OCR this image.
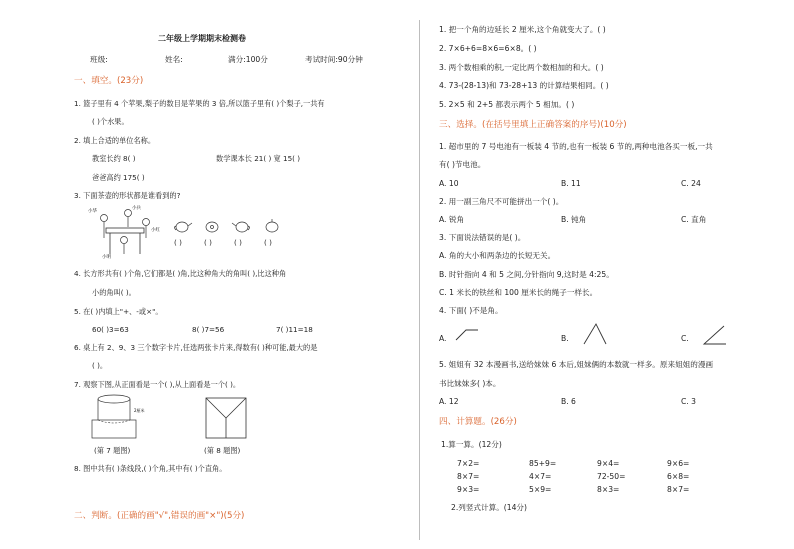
二年级上学期期末检测卷
班级:	姓名:	满分:100分	考试时间:90分钟
一、填空。(23分)
1. 篮子里有 4 个苹果,梨子的数目是苹果的 3 倍,所以篮子里有( )个梨子,一共有
( )个水果。
2. 填上合适的单位名称。
教室长约 8( )	数学课本长 21( ) 宽 15( )
爸爸高约 175( )
3. 下面茶壶的形状都是谁看到的?
小华
小兵
小红
小明
( )	( )	( )	( )
4. 长方形共有( )个角,它们都是( )角,比这种角大的角叫( ),比这种角
小的角叫( )。
5. 在( )内填上"+、-或×"。
60( )3=63	8( )7=56	7( )11=18
6. 桌上有 2、9、3 三个数字卡片,任选两张卡片来,得数有( )种可能,最大的是
( )。
7. 观察下图,从正面看是一个( ),从上面看是一个( )。
2厘米
(第 7 题图)	(第 8 题图)
8. 图中共有( )条线段,( )个角,其中有( )个直角。
二、判断。(正确的画"√",错误的画"×")(5分)
1. 把一个角的边延长 2 厘米,这个角就变大了。( )
2. 7×6+6=8×6=6×8。( )
3. 两个数相乘的积,一定比两个数相加的和大。( )
4. 73-(28-13)和 73-28+13 的计算结果相同。( )
5. 2×5 和 2+5 都表示两个 5 相加。( )
三、选择。(在括号里填上正确答案的序号)(10分)
1. 超市里的 7 号电池有一板装 4 节的,也有一板装 6 节的,两种电池各买一板,一共
有( )节电池。
A. 10	B. 11	C. 24
2. 用一副三角尺不可能拼出一个( )。
A. 锐角	B. 钝角	C. 直角
3. 下面说法错误的是( )。
A. 角的大小和两条边的长短无关。
B. 时针指向 4 和 5 之间,分针指向 9,这时是 4:25。
C. 1 米长的铁丝和 100 厘米长的绳子一样长。
4. 下面( )不是角。
A.	B.	C.
5. 姐姐有 32 本漫画书,送给妹妹 6 本后,姐妹俩的本数就一样多。原来姐姐的漫画
书比妹妹多( )本。
A. 12	B. 6	C. 3
四、计算题。(26分)
1.算一算。(12分)
7×2=	85+9=	9×4=	9×6=
8×7=	4×7=	72-50=	6×8=
9×3=	5×9=	8×3=	8×7=
2.列竖式计算。(14分)
